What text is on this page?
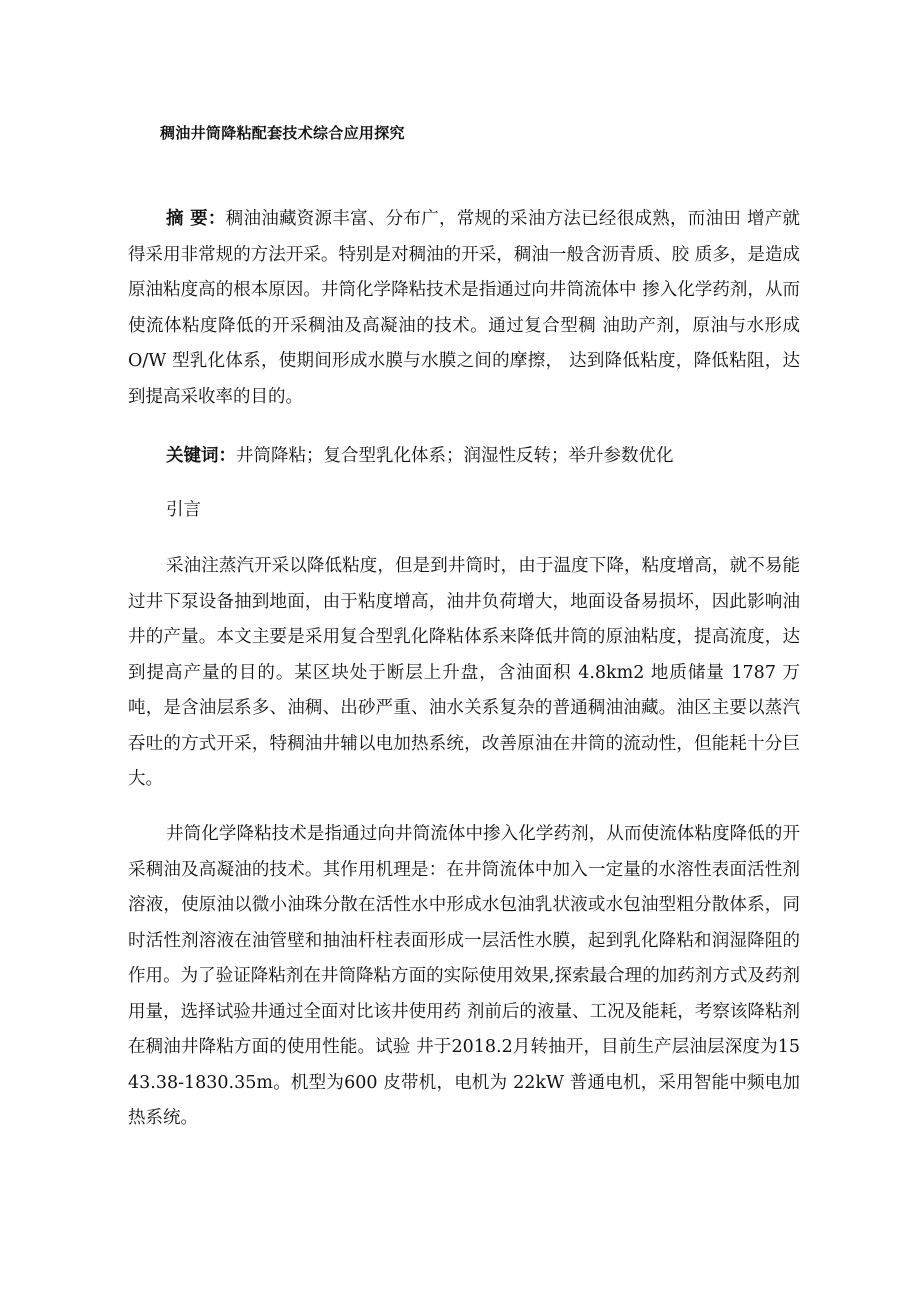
稠油井筒降粘配套技术综合应用探究
摘 要：稠油油藏资源丰富、分布广，常规的采油方法已经很成熟，而油田 增产就得采用非常规的方法开采。特别是对稠油的开采，稠油一般含沥青质、胶 质多，是造成原油粘度高的根本原因。井筒化学降粘技术是指通过向井筒流体中 掺入化学药剂，从而使流体粘度降低的开采稠油及高凝油的技术。通过复合型稠 油助产剂，原油与水形成 O/W 型乳化体系，使期间形成水膜与水膜之间的摩擦， 达到降低粘度，降低粘阻，达到提高采收率的目的。
关键词：井筒降粘；复合型乳化体系；润湿性反转；举升参数优化
引言
采油注蒸汽开采以降低粘度，但是到井筒时，由于温度下降，粘度增高，就不易能过井下泵设备抽到地面，由于粘度增高，油井负荷增大，地面设备易损坏，因此影响油井的产量。本文主要是采用复合型乳化降粘体系来降低井筒的原油粘度，提高流度，达到提高产量的目的。某区块处于断层上升盘，含油面积 4.8km2 地质储量 1787 万吨，是含油层系多、油稠、出砂严重、油水关系复杂的普通稠油油藏。油区主要以蒸汽吞吐的方式开采，特稠油井辅以电加热系统，改善原油在井筒的流动性，但能耗十分巨大。
井筒化学降粘技术是指通过向井筒流体中掺入化学药剂，从而使流体粘度降低的开采稠油及高凝油的技术。其作用机理是：在井筒流体中加入一定量的水溶性表面活性剂溶液，使原油以微小油珠分散在活性水中形成水包油乳状液或水包油型粗分散体系，同时活性剂溶液在油管壁和抽油杆柱表面形成一层活性水膜，起到乳化降粘和润湿降阻的作用。为了验证降粘剂在井筒降粘方面的实际使用效果,探索最合理的加药剂方式及药剂用量，选择试验井通过全面对比该井使用药 剂前后的液量、工况及能耗，考察该降粘剂在稠油井降粘方面的使用性能。试验 井于2018.2月转抽开，目前生产层油层深度为1543.38-1830.35m。机型为600 皮带机，电机为 22kW 普通电机，采用智能中频电加热系统。
